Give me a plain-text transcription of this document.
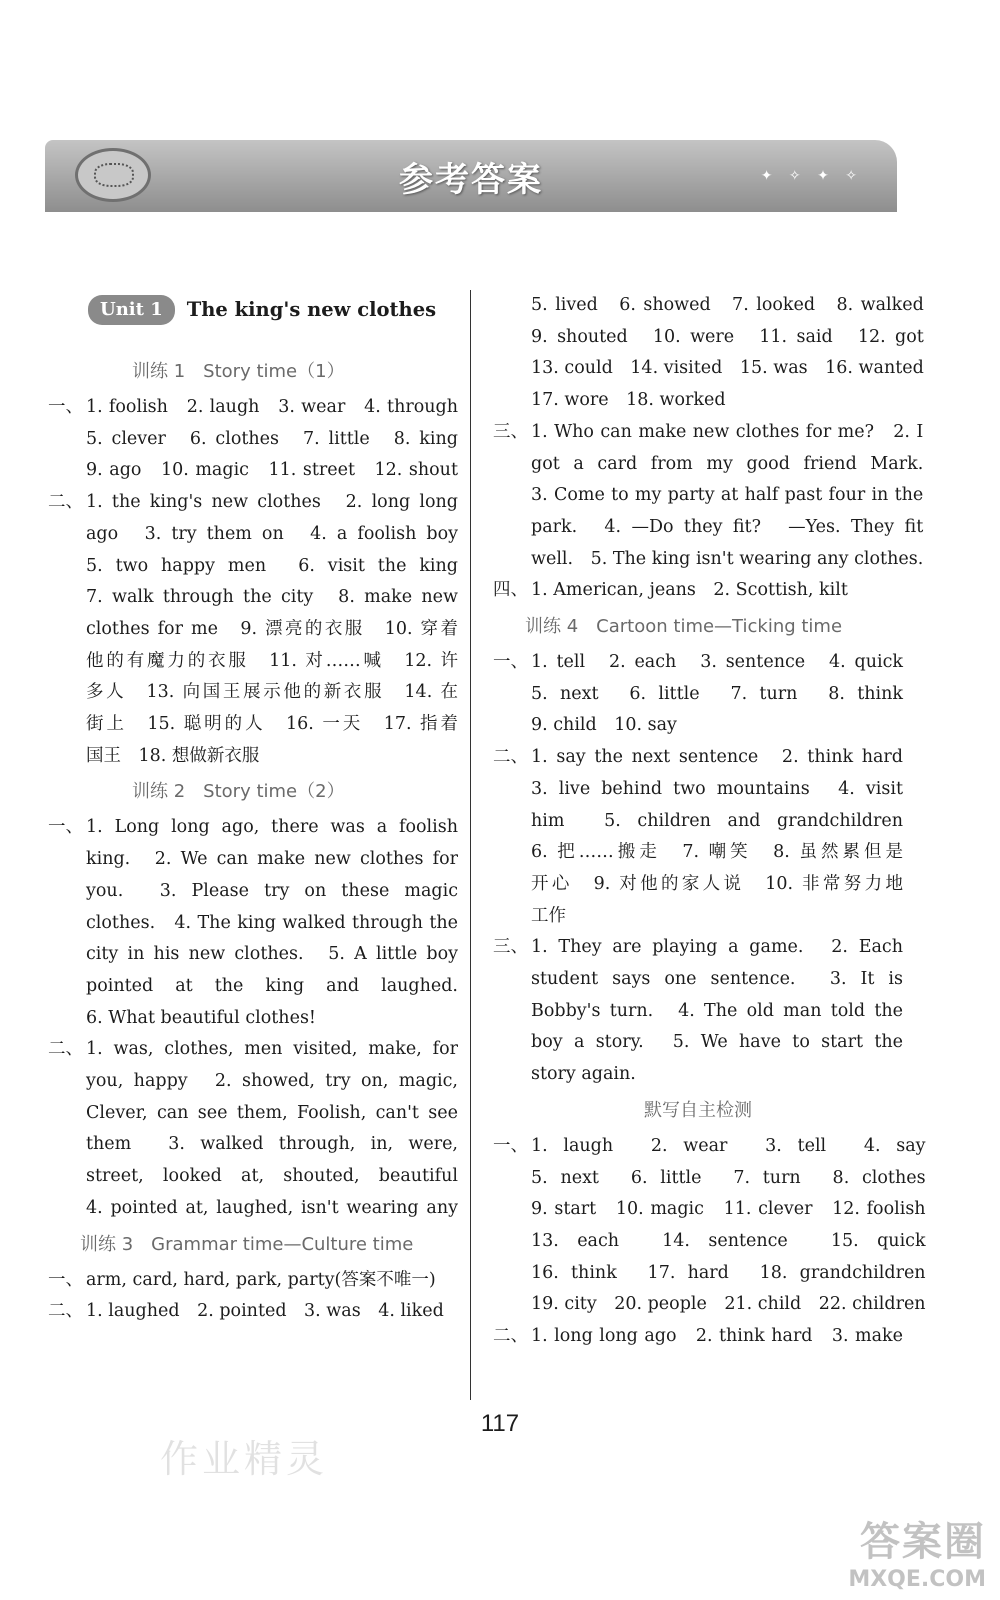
参考答案	✦ ✧ ✦ ✧
Unit 1	The king's new clothes
训练 1　Story time（1）
一、 1. foolish　2. laugh　3. wear　4. through
5. clever　6. clothes　7. little　8. king
9. ago　10. magic　11. street　12. shout
二、 1. the king's new clothes　2. long long
ago　3. try them on　4. a foolish boy
5. two happy men　6. visit the king
7. walk through the city　8. make new
clothes for me　9. 漂亮的衣服　10. 穿着
他的有魔力的衣服　11. 对……喊　12. 许
多人　13. 向国王展示他的新衣服　14. 在
街上　15. 聪明的人　16. 一天　17. 指着
国王　18. 想做新衣服
训练 2　Story time（2）
一、 1. Long long ago, there was a foolish
king.　2. We can make new clothes for
you.　3. Please try on these magic
clothes.　4. The king walked through the
city in his new clothes.　5. A little boy
pointed at the king and laughed.
6. What beautiful clothes!
二、 1. was, clothes, men visited, make, for
you, happy　2. showed, try on, magic,
Clever, can see them, Foolish, can't see
them　3. walked through, in, were,
street, looked at, shouted, beautiful
4. pointed at, laughed, isn't wearing any
训练 3　Grammar time—Culture time
一、 arm, card, hard, park, party(答案不唯一)
二、 1. laughed　2. pointed　3. was　4. liked
5. lived　6. showed　7. looked　8. walked
9. shouted　10. were　11. said　12. got
13. could　14. visited　15. was　16. wanted
17. wore　18. worked
三、 1. Who can make new clothes for me?　2. I
got a card from my good friend Mark.
3. Come to my party at half past four in the
park.　4. —Do they fit?　—Yes. They fit
well.　5. The king isn't wearing any clothes.
四、 1. American, jeans　2. Scottish, kilt
训练 4　Cartoon time—Ticking time
一、 1. tell　2. each　3. sentence　4. quick
5. next　6. little　7. turn　8. think
9. child　10. say
二、 1. say the next sentence　2. think hard
3. live behind two mountains　4. visit
him　5. children and grandchildren
6. 把……搬走　7. 嘲笑　8. 虽然累但是
开心　9. 对他的家人说　10. 非常努力地
工作
三、 1. They are playing a game.　2. Each
student says one sentence.　3. It is
Bobby's turn.　4. The old man told the
boy a story.　5. We have to start the
story again.
默写自主检测
一、 1. laugh　2. wear　3. tell　4. say
5. next　6. little　7. turn　8. clothes
9. start　10. magic　11. clever　12. foolish
13. each　14. sentence　15. quick
16. think　17. hard　18. grandchildren
19. city　20. people　21. child　22. children
二、 1. long long ago　2. think hard　3. make
117
作业精灵
答案圈
MXQE.COM
